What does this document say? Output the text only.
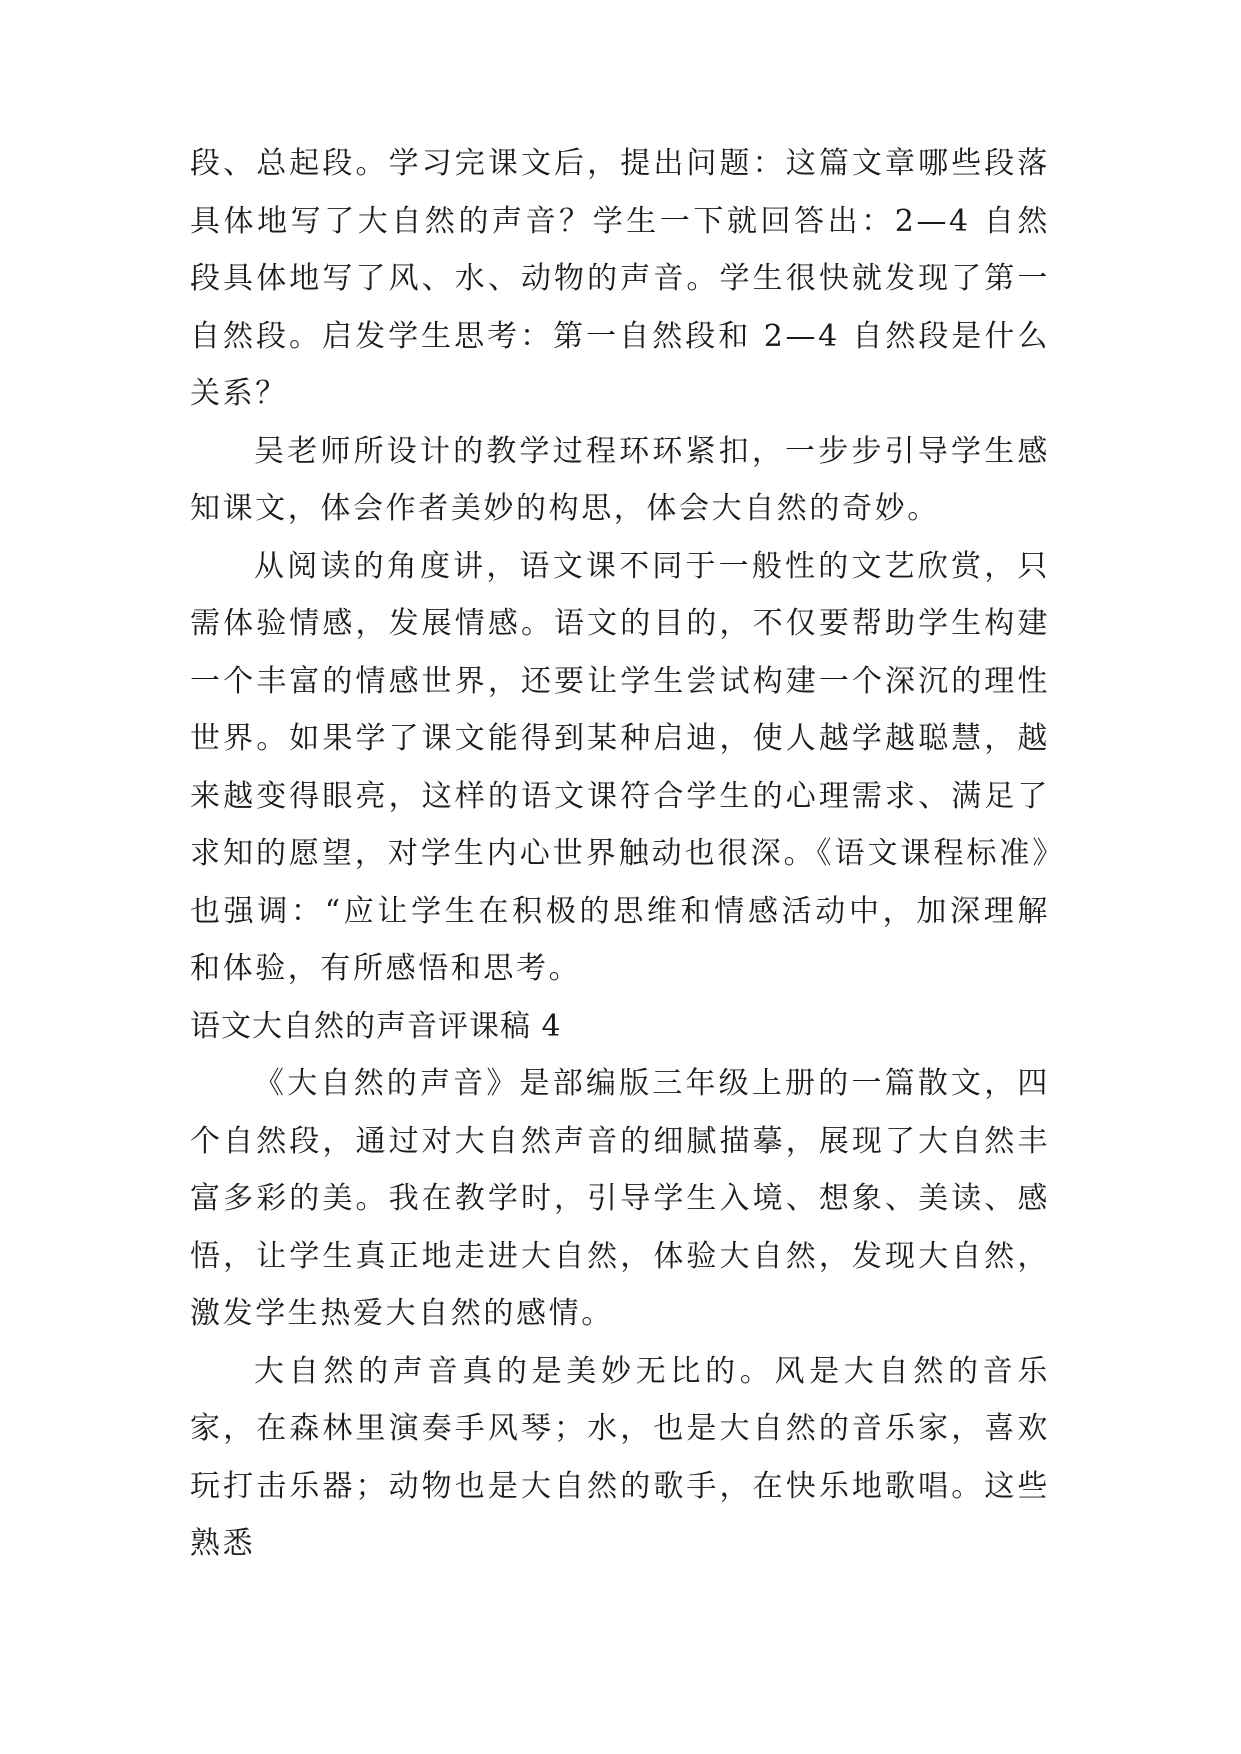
段、总起段。学习完课文后，提出问题：这篇文章哪些段落具体地写了大自然的声音？学生一下就回答出：2—4 自然段具体地写了风、水、动物的声音。学生很快就发现了第一自然段。启发学生思考：第一自然段和 2—4 自然段是什么关系？

吴老师所设计的教学过程环环紧扣，一步步引导学生感知课文，体会作者美妙的构思，体会大自然的奇妙。

从阅读的角度讲，语文课不同于一般性的文艺欣赏，只需体验情感，发展情感。语文的目的，不仅要帮助学生构建一个丰富的情感世界，还要让学生尝试构建一个深沉的理性世界。如果学了课文能得到某种启迪，使人越学越聪慧，越来越变得眼亮，这样的语文课符合学生的心理需求、满足了求知的愿望，对学生内心世界触动也很深。《语文课程标准》也强调：“应让学生在积极的思维和情感活动中，加深理解和体验，有所感悟和思考。

语文大自然的声音评课稿 4

《大自然的声音》是部编版三年级上册的一篇散文，四个自然段，通过对大自然声音的细腻描摹，展现了大自然丰富多彩的美。我在教学时，引导学生入境、想象、美读、感悟，让学生真正地走进大自然，体验大自然，发现大自然，激发学生热爱大自然的感情。

大自然的声音真的是美妙无比的。风是大自然的音乐家，在森林里演奏手风琴；水，也是大自然的音乐家，喜欢玩打击乐器；动物也是大自然的歌手，在快乐地歌唱。这些熟悉
